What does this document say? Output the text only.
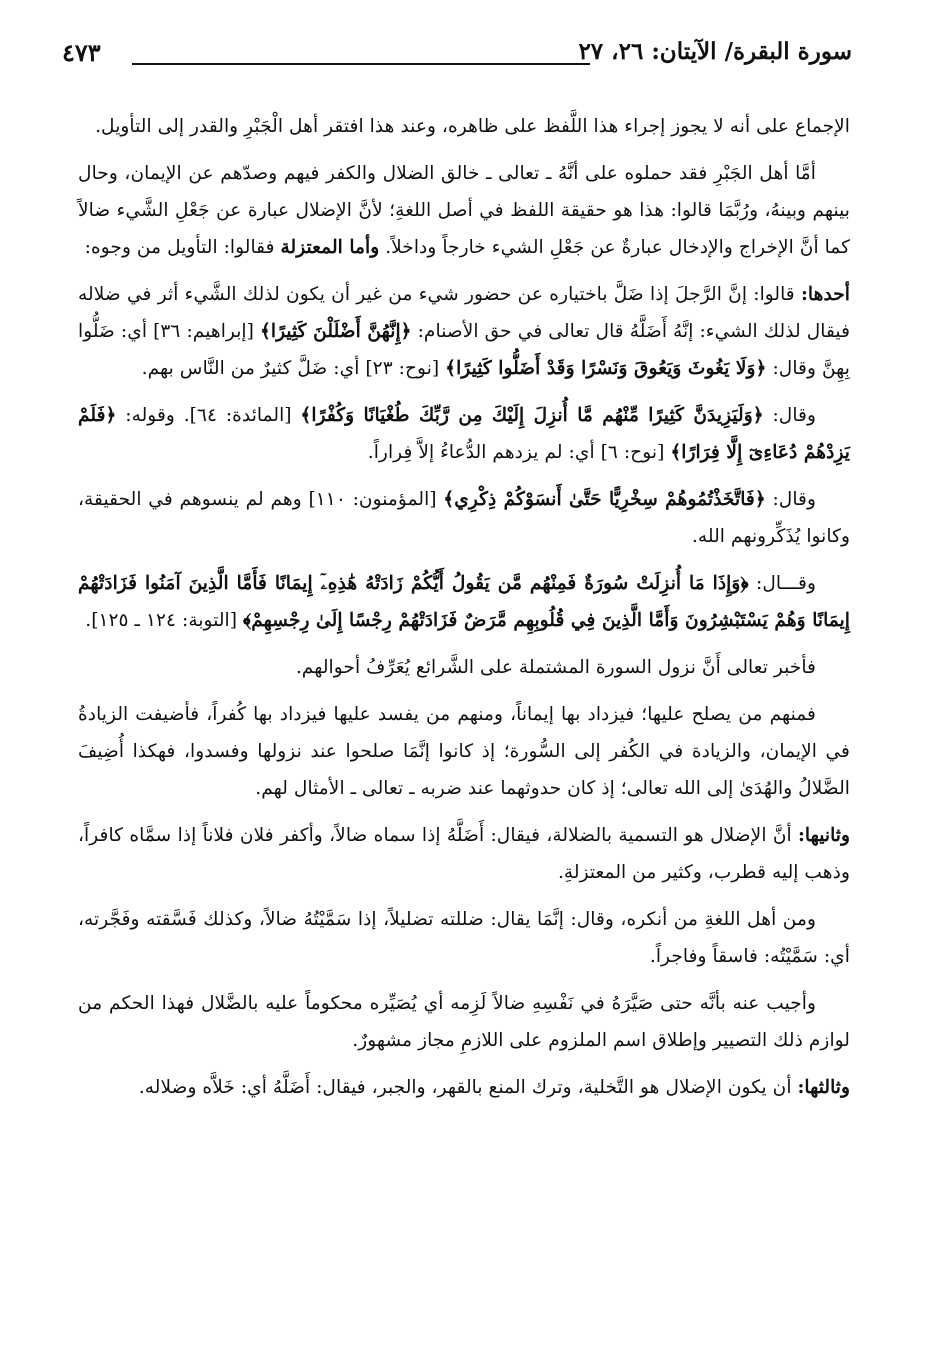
سورة البقرة/ الآيتان: ٢٦، ٢٧
٤٧٣

الإجماع على أنه لا يجوز إجراء هذا اللَّفظ على ظاهره، وعند هذا افتقر أهل الْجَبْرِ والقدر إلى التأويل.

أمَّا أهل الجَبْرِ فقد حملوه على أنَّهُ ـ تعالى ـ خالق الضلال والكفر فيهم وصدّهم عن الإيمان، وحال بينهم وبينهُ، ورُبَّمَا قالوا: هذا هو حقيقة اللفظ في أصل اللغةِ؛ لأنَّ الإضلال عبارة عن جَعْلِ الشَّيء ضالاً كما أنَّ الإخراج والإدخال عبارةٌ عن جَعْلِ الشيء خارجاً وداخلاً. وأما المعتزلة فقالوا: التأويل من وجوه:

أحدها: قالوا: إنَّ الرَّجلَ إذا ضَلَّ باختياره عن حضور شيء من غير أن يكون لذلك الشَّيء أثر في ضلاله فيقال لذلك الشيء: إنَّهُ أَضَلَّهُ قال تعالى في حق الأصنام: ﴿إِنَّهُنَّ أَضْلَلْنَ كَثِيرًا﴾ [إبراهيم: ٣٦] أي: ضَلُّوا بِهِنَّ وقال: ﴿وَلَا يَغُوثَ وَيَعُوقَ وَنَسْرًا وَقَدْ أَضَلُّوا كَثِيرًا﴾ [نوح: ٢٣] أي: ضَلَّ كثيرٌ من النَّاس بهم.

وقال: ﴿وَلَيَزِيدَنَّ كَثِيرًا مِّنْهُم مَّا أُنزِلَ إِلَيْكَ مِن رَّبِّكَ طُغْيَانًا وَكُفْرًا﴾ [المائدة: ٦٤]. وقوله: ﴿فَلَمْ يَزِدْهُمْ دُعَاءِىٓ إِلَّا فِرَارًا﴾ [نوح: ٦] أي: لم يزدهم الدُّعاءُ إلاَّ فِراراً.

وقال: ﴿فَاتَّخَذْتُمُوهُمْ سِخْرِيًّا حَتَّىٰ أَنسَوْكُمْ ذِكْرِي﴾ [المؤمنون: ١١٠] وهم لم ينسوهم في الحقيقة، وكانوا يُذَكِّرونهم الله.

وقـــال: ﴿وَإِذَا مَا أُنزِلَتْ سُورَةٌ فَمِنْهُم مَّن يَقُولُ أَيُّكُمْ زَادَتْهُ هَٰذِهِۦٓ إِيمَانًا فَأَمَّا الَّذِينَ آمَنُوا فَزَادَتْهُمْ إِيمَانًا وَهُمْ يَسْتَبْشِرُونَ وَأَمَّا الَّذِينَ فِي قُلُوبِهِم مَّرَضٌ فَزَادَتْهُمْ رِجْسًا إِلَىٰ رِجْسِهِمْ﴾ [التوبة: ١٢٤ ـ ١٢٥].

فأخبر تعالى أَنَّ نزول السورة المشتملة على الشَّرائع يُعَرِّفُ أحوالهم.

فمنهم من يصلح عليها؛ فيزداد بها إيماناً، ومنهم من يفسد عليها فيزداد بها كُفراً، فأضيفت الزيادةُ في الإيمان، والزيادة في الكُفر إلى السُّورة؛ إذ كانوا إنَّمَا صلحوا عند نزولها وفسدوا، فهكذا أُضِيفَ الضَّلالُ والهُدَىٰ إلى الله تعالى؛ إذ كان حدوثهما عند ضربه ـ تعالى ـ الأمثال لهم.

وثانيها: أنَّ الإضلال هو التسمية بالضلالة، فيقال: أَضَلَّهُ إذا سماه ضالاً، وأكفر فلان فلاناً إذا سمَّاه كافراً، وذهب إليه قطرب، وكثير من المعتزلةِ.

ومن أهل اللغةِ من أنكره، وقال: إنَّمَا يقال: ضللته تضليلاً، إذا سَمَّيْتُهُ ضالاً، وكذلك فَسَّقته وفَجَّرته، أي: سَمَّيْتُه: فاسقاً وفاجراً.

وأجيب عنه بأنَّه حتى صَيَّرَهُ في نَفْسِهِ ضالاً لَزِمه أي يُصَيِّره محكوماً عليه بالضَّلال فهذا الحكم من لوازم ذلك التصيير وإطلاق اسم الملزوم على اللازمِ مجاز مشهورٌ.

وثالثها: أن يكون الإضلال هو التَّخلية، وترك المنع بالقهر، والجبر، فيقال: أَضَلَّهُ أي: خَلاَّه وضلاله.
